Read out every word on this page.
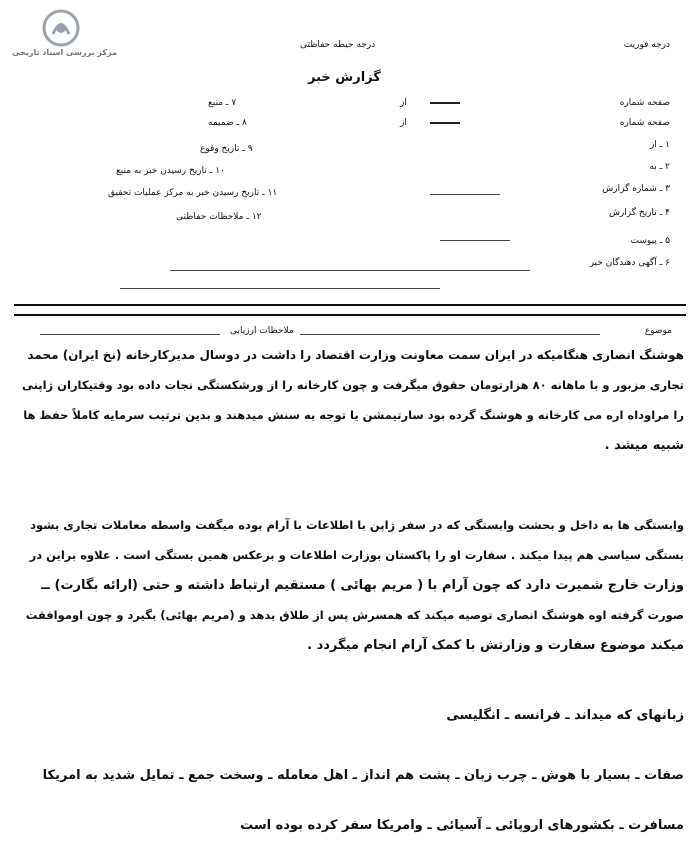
مرکز بررسی اسناد تاریخی
درجه فوریت
درجه حیطه حفاظتی
گزارش خبر
صفحه شماره
از
صفحه شماره
از
۱ ـ از
۲ ـ به
۳ ـ شماره گزارش
۴ ـ تاریخ گزارش
۵ ـ پیوست
۶ ـ آگهی دهندگان خبر
۷ ـ منبع
۸ ـ ضمیمه
۹ ـ تاریخ وقوع
۱۰ ـ تاریخ رسیدن خبر به منبع
۱۱ ـ تاریخ رسیدن خبر به مرکز عملیات تحقیق
۱۲ ـ ملاحظات حفاظتی
موضوع
ملاحظات ارزیابی
هوشنگ انصاری هنگامیکه در ایران سمت معاونت وزارت اقتصاد را داشت در دوسال مدیرکارخانه (نخ ایران) محمد
تجاری مزبور و با ماهانه ۸۰ هزارتومان حقوق میگرفت و چون کارخانه را از ورشکستگی نجات داده بود وقتیکاران ژاپنی
را مراوداه اره می کارخانه و هوشنگ گرده بود سارتیمشن یا توجه به سنش میدهند و بدین ترتیب سرمایه کاملاً حفظ ها
شبیه میشد .
وابستگی ها به داخل و بحشت وابستگی که در سفر ژاپن با اطلاعات با آرام بوده میگفت واسطه معاملات تجاری بشود
بستگی سیاسی هم پیدا میکند . سفارت او را پاکستان بوزارت اطلاعات و برعکس همین بستگی است . علاوه براین در
وزارت خارج شمیرت دارد که چون آرام با ( مریم بهائی ) مستقیم ارتباط داشته و حتی (ارائه بگارت) ــ
صورت گرفته اوه هوشنگ انصاری توصیه میکند که همسرش پس از طلاق بدهد و (مریم بهائی) بگیرد و چون اوموافقت
میکند موضوع سفارت و وزارتش با کمک آرام انجام میگردد .
زبانهای که میداند ـ فرانسه ـ انگلیسی
صفات ـ بسیار با هوش ـ چرب زبان ـ پشت هم انداز ـ اهل معامله ـ وسخت جمع ـ تمایل شدید به امریکا
مسافرت ـ بکشورهای اروپائی ـ آسیائی ـ وامریکا سفر کرده بوده است
